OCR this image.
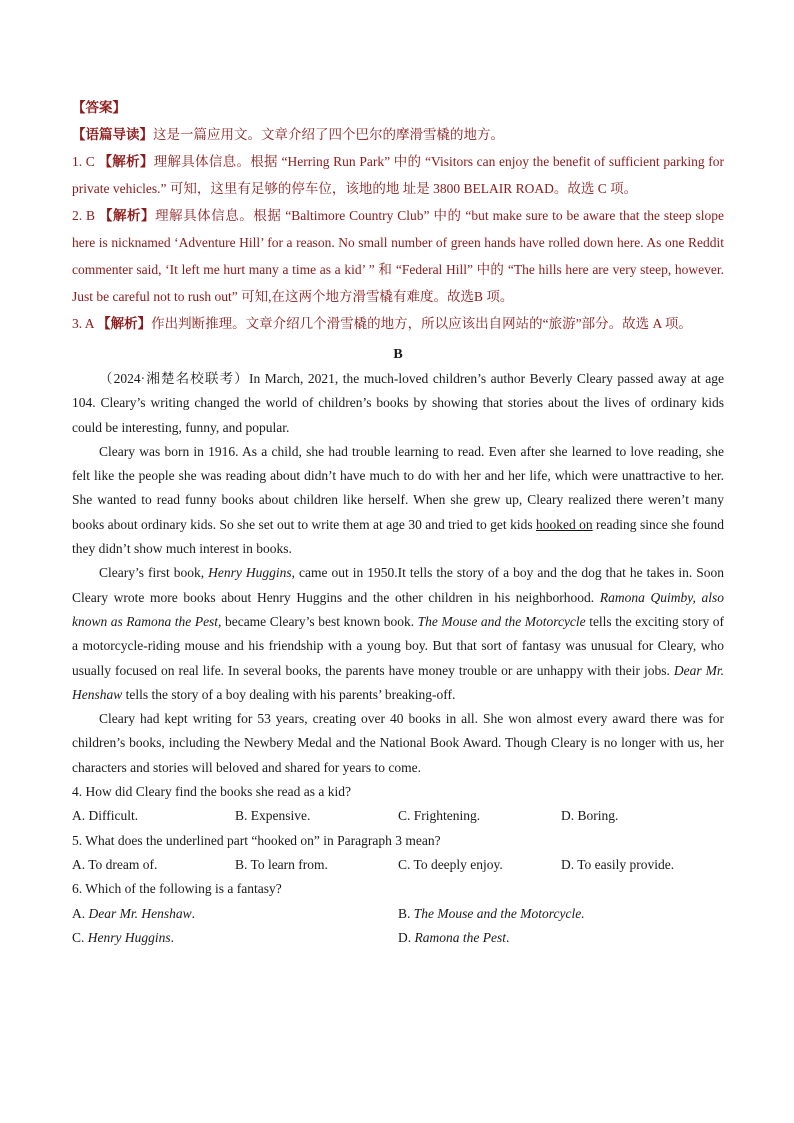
【答案】

【语篇导读】这是一篇应用文。文章介绍了四个巴尔的摩滑雪橇的地方。

1. C 【解析】理解具体信息。根据 “Herring Run Park” 中的 “Visitors can enjoy the benefit of sufficient parking for private vehicles.” 可知，这里有足够的停车位，该地的地 址是 3800 BELAIR ROAD。故选 C 项。

2. B 【解析】理解具体信息。根据 “Baltimore Country Club” 中的 “but make sure to be aware that the steep slope here is nicknamed ‘Adventure Hill’ for a reason. No small number of green hands have rolled down here. As one Reddit commenter said, ‘It left me hurt many a time as a kid’ ” 和 “Federal Hill” 中的 “The hills here are very steep, however. Just be careful not to rush out” 可知,在这两个地方滑雪橇有难度。故选B 项。

3. A 【解析】作出判断推理。文章介绍几个滑雪橇的地方，所以应该出自网站的“旅游”部分。故选 A 项。

B

（2024·湘楚名校联考）In March, 2021, the much-loved children’s author Beverly Cleary passed away at age 104. Cleary’s writing changed the world of children’s books by showing that stories about the lives of ordinary kids could be interesting, funny, and popular.

Cleary was born in 1916. As a child, she had trouble learning to read. Even after she learned to love reading, she felt like the people she was reading about didn’t have much to do with her and her life, which were unattractive to her. She wanted to read funny books about children like herself. When she grew up, Cleary realized there weren’t many books about ordinary kids. So she set out to write them at age 30 and tried to get kids hooked on reading since she found they didn’t show much interest in books.

Cleary’s first book, Henry Huggins, came out in 1950.It tells the story of a boy and the dog that he takes in. Soon Cleary wrote more books about Henry Huggins and the other children in his neighborhood. Ramona Quimby, also known as Ramona the Pest, became Cleary’s best known book. The Mouse and the Motorcycle tells the exciting story of a motorcycle-riding mouse and his friendship with a young boy. But that sort of fantasy was unusual for Cleary, who usually focused on real life. In several books, the parents have money trouble or are unhappy with their jobs. Dear Mr. Henshaw tells the story of a boy dealing with his parents’ breaking-off.

Cleary had kept writing for 53 years, creating over 40 books in all. She won almost every award there was for children’s books, including the Newbery Medal and the National Book Award. Though Cleary is no longer with us, her characters and stories will beloved and shared for years to come.

4. How did Cleary find the books she read as a kid?

A. Difficult.	B. Expensive.	C. Frightening.	D. Boring.

5. What does the underlined part “hooked on” in Paragraph 3 mean?

A. To dream of.	B. To learn from.	C. To deeply enjoy.	D. To easily provide.

6. Which of the following is a fantasy?

A. Dear Mr. Henshaw.	B. The Mouse and the Motorcycle.
C. Henry Huggins.	D. Ramona the Pest.
